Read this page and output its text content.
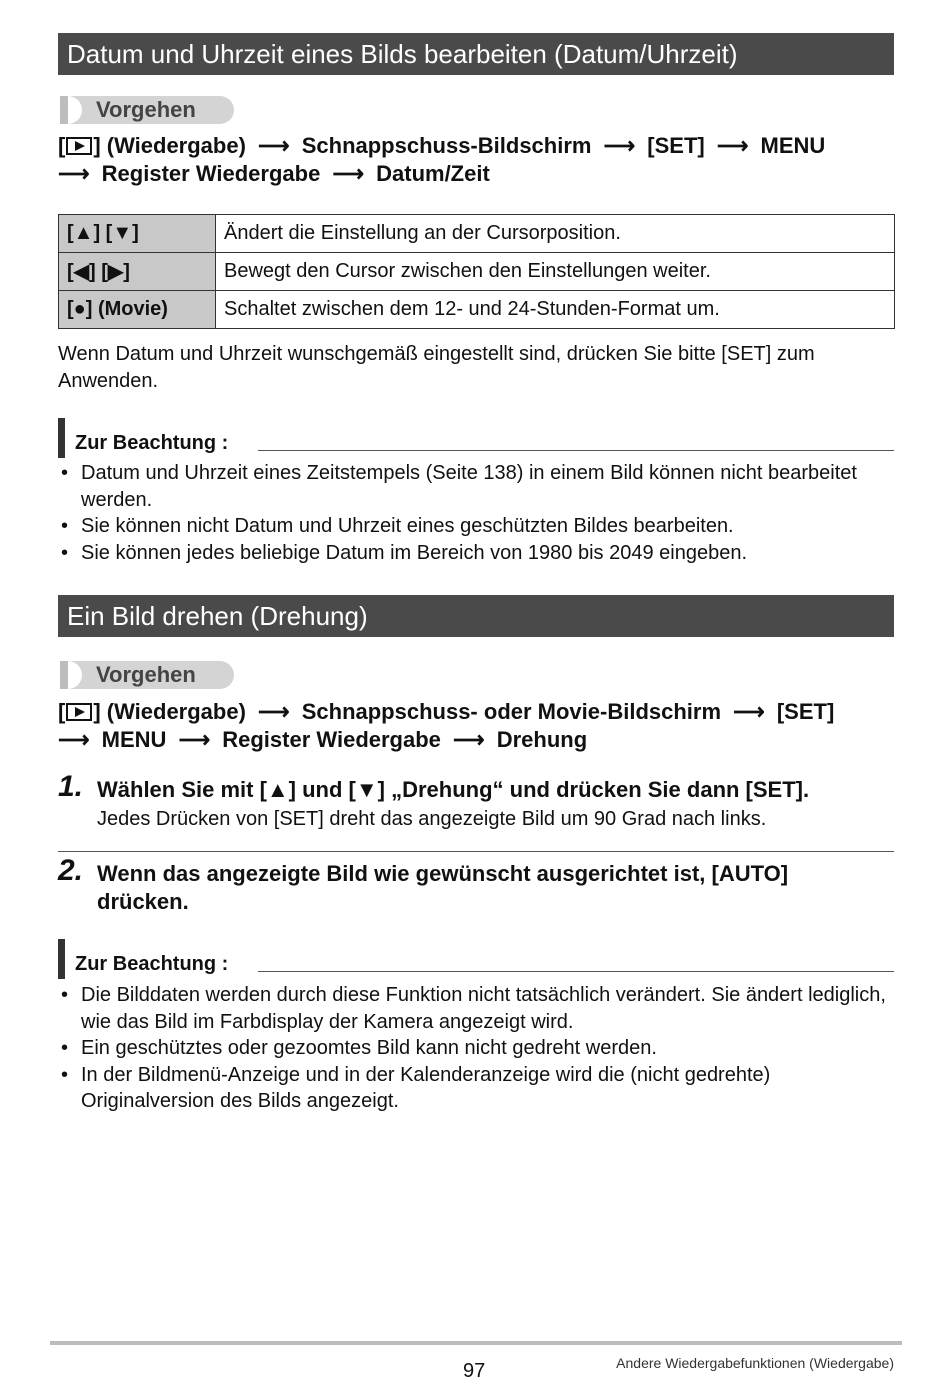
Datum und Uhrzeit eines Bilds bearbeiten (Datum/Uhrzeit)
Vorgehen
[ ] (Wiedergabe) ⟶ Schnappschuss-Bildschirm ⟶ [SET] ⟶ MENU
⟶ Register Wiedergabe ⟶ Datum/Zeit
[▲] [▼]	Ändert die Einstellung an der Cursorposition.
[◀] [▶]	Bewegt den Cursor zwischen den Einstellungen weiter.
[●] (Movie)	Schaltet zwischen dem 12- und 24-Stunden-Format um.
Wenn Datum und Uhrzeit wunschgemäß eingestellt sind, drücken Sie bitte [SET] zum Anwenden.
Zur Beachtung :
• Datum und Uhrzeit eines Zeitstempels (Seite 138) in einem Bild können nicht bearbeitet werden.
• Sie können nicht Datum und Uhrzeit eines geschützten Bildes bearbeiten.
• Sie können jedes beliebige Datum im Bereich von 1980 bis 2049 eingeben.
Ein Bild drehen (Drehung)
Vorgehen
[ ] (Wiedergabe) ⟶ Schnappschuss- oder Movie-Bildschirm ⟶ [SET]
⟶ MENU ⟶ Register Wiedergabe ⟶ Drehung
1. Wählen Sie mit [▲] und [▼] „Drehung“ und drücken Sie dann [SET].
Jedes Drücken von [SET] dreht das angezeigte Bild um 90 Grad nach links.
2. Wenn das angezeigte Bild wie gewünscht ausgerichtet ist, [AUTO]
drücken.
Zur Beachtung :
• Die Bilddaten werden durch diese Funktion nicht tatsächlich verändert. Sie ändert lediglich, wie das Bild im Farbdisplay der Kamera angezeigt wird.
• Ein geschütztes oder gezoomtes Bild kann nicht gedreht werden.
• In der Bildmenü-Anzeige und in der Kalenderanzeige wird die (nicht gedrehte) Originalversion des Bilds angezeigt.
97	Andere Wiedergabefunktionen (Wiedergabe)
